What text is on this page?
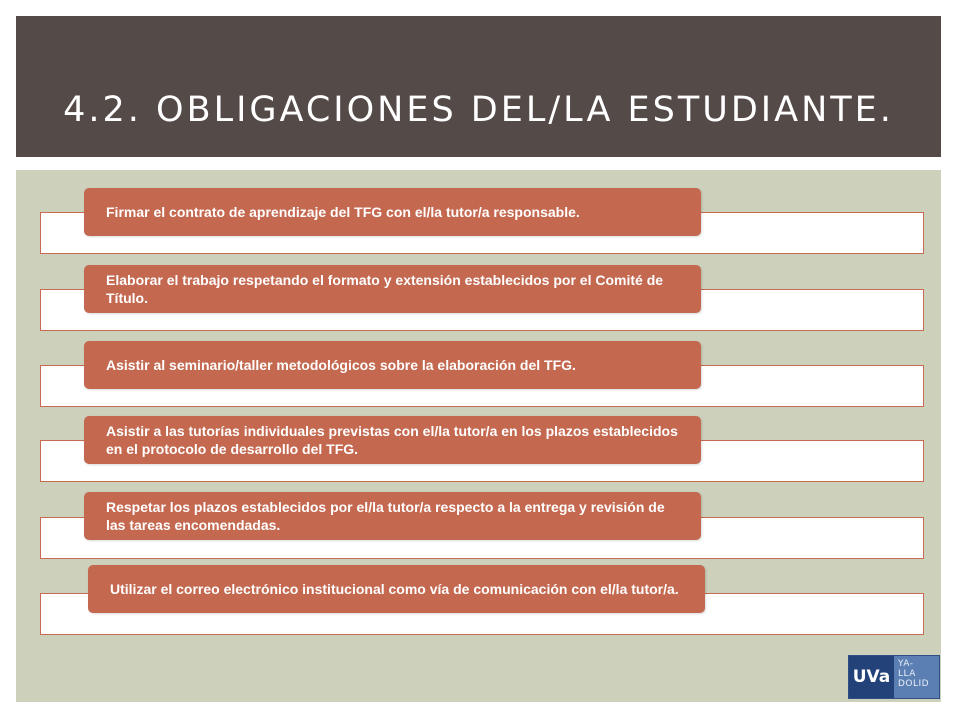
4.2. OBLIGACIONES DEL/LA ESTUDIANTE.
Firmar el contrato de aprendizaje del TFG con el/la tutor/a responsable.
Elaborar el trabajo respetando el formato y extensión establecidos por el Comité de Título.
Asistir al seminario/taller metodológicos sobre la elaboración del TFG.
Asistir a las tutorías individuales previstas con el/la tutor/a en los plazos establecidos en el protocolo de desarrollo del TFG.
Respetar los plazos establecidos por el/la tutor/a respecto a la entrega y revisión de las tareas encomendadas.
Utilizar el correo electrónico institucional como vía de comunicación con el/la tutor/a.
UVa
YA-
LLA
DOLID
